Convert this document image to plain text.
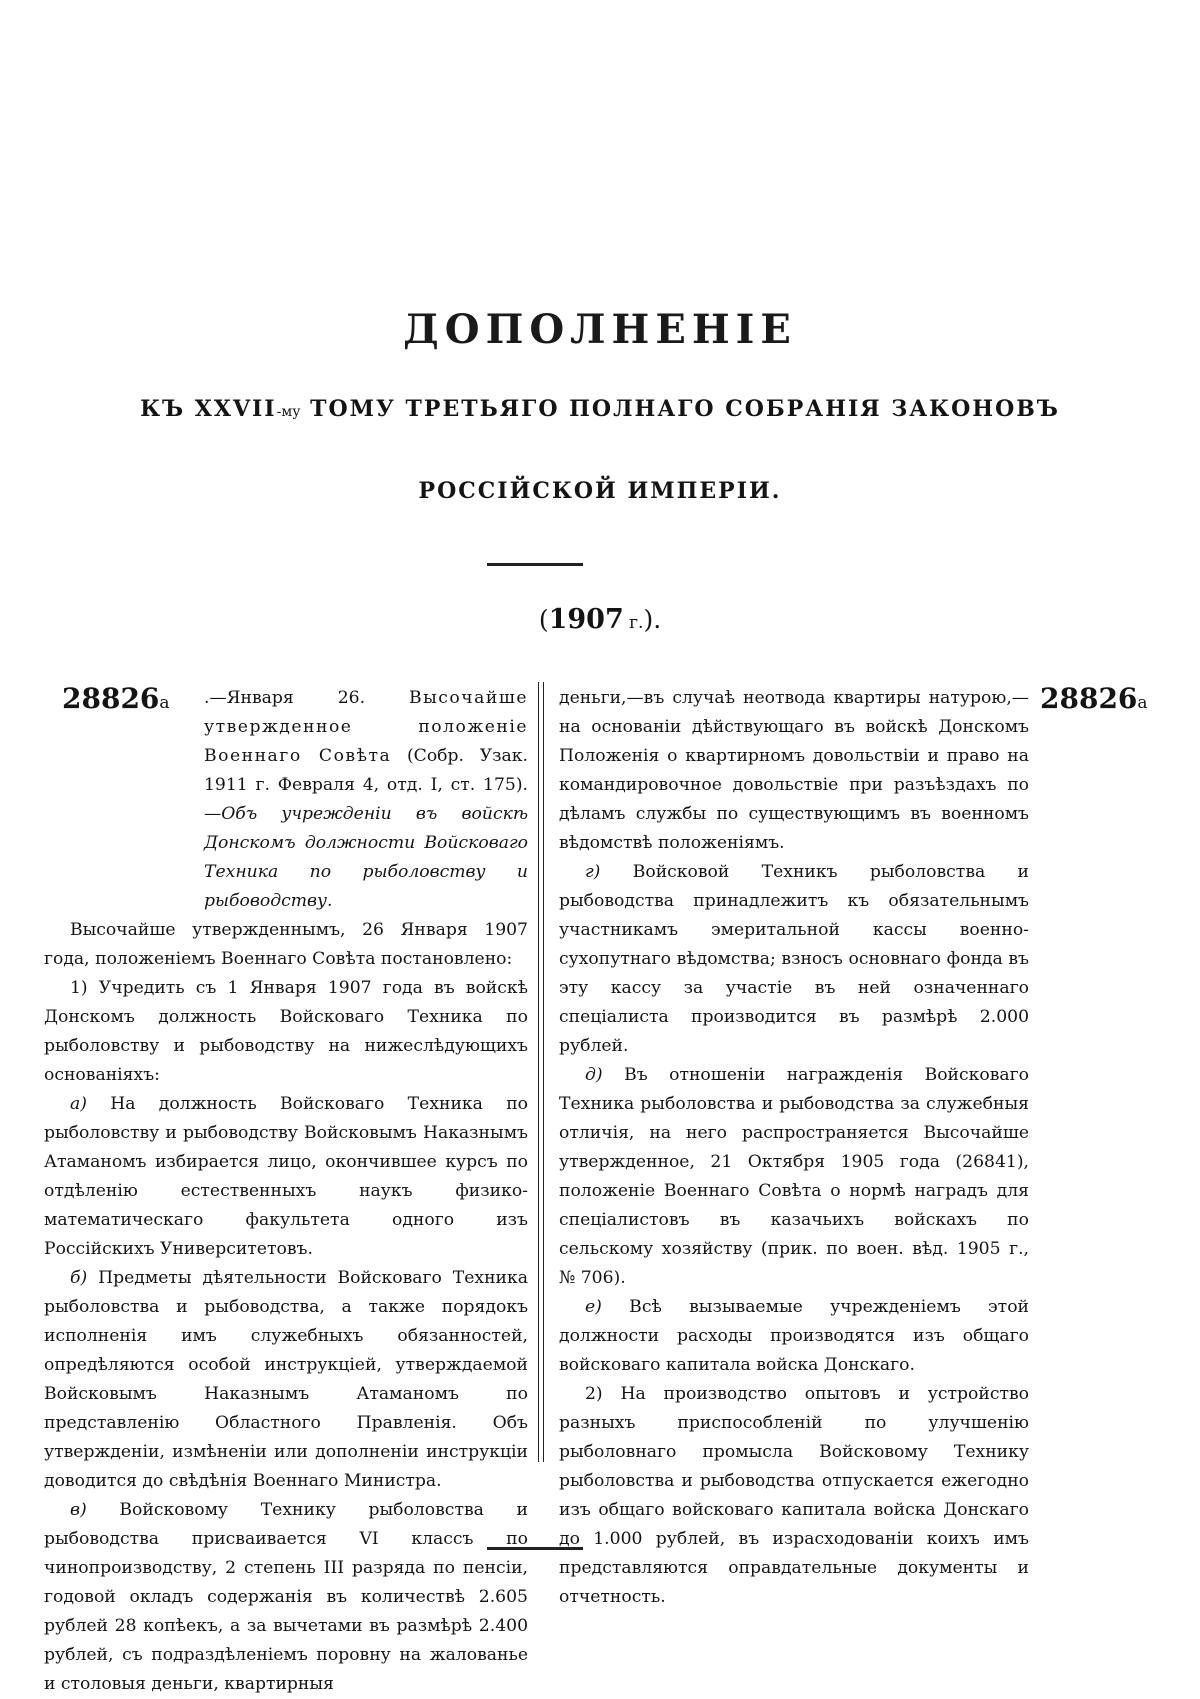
ДОПОЛНЕНІЕ
КЪ XXVII-му ТОМУ ТРЕТЬЯГО ПОЛНАГО СОБРАНІЯ ЗАКОНОВЪ
РОССІЙСКОЙ ИМПЕРІИ.
(1907 г.).
28826а	28826а

.—Января 26. Высочайше утвержденное положеніе Военнаго Совѣта (Собр. Узак. 1911 г. Февраля 4, отд. I, ст. 175).—Объ учрежденіи въ войскѣ Донскомъ должности Войсковаго Техника по рыболовству и рыбоводству.

Высочайше утвержденнымъ, 26 Января 1907 года, положеніемъ Военнаго Совѣта постановлено:

1) Учредить съ 1 Января 1907 года въ войскѣ Донскомъ должность Войсковаго Техника по рыболовству и рыбоводству на нижеслѣдующихъ основаніяхъ:

а) На должность Войсковаго Техника по рыболовству и рыбоводству Войсковымъ Наказнымъ Атаманомъ избирается лицо, окончившее курсъ по отдѣленію естественныхъ наукъ физико-математическаго факультета одного изъ Россійскихъ Университетовъ.

б) Предметы дѣятельности Войсковаго Техника рыболовства и рыбоводства, а также порядокъ исполненія имъ служебныхъ обязанностей, опредѣляются особой инструкціей, утверждаемой Войсковымъ Наказнымъ Атаманомъ по представленію Областного Правленія. Объ утвержденіи, измѣненіи или дополненіи инструкціи доводится до свѣдѣнія Военнаго Министра.

в) Войсковому Технику рыболовства и рыбоводства присваивается VI классъ по чинопроизводству, 2 степень III разряда по пенсіи, годовой окладъ содержанія въ количествѣ 2.605 рублей 28 копѣекъ, а за вычетами въ размѣрѣ 2.400 рублей, съ подраздѣленіемъ поровну на жалованье и столовыя деньги, квартирныя

деньги,—въ случаѣ неотвода квартиры натурою,—на основаніи дѣйствующаго въ войскѣ Донскомъ Положенія о квартирномъ довольствіи и право на командировочное довольствіе при разъѣздахъ по дѣламъ службы по существующимъ въ военномъ вѣдомствѣ положеніямъ.

г) Войсковой Техникъ рыболовства и рыбоводства принадлежитъ къ обязательнымъ участникамъ эмеритальной кассы военно-сухопутнаго вѣдомства; взносъ основнаго фонда въ эту кассу за участіе въ ней означеннаго спеціалиста производится въ размѣрѣ 2.000 рублей.

д) Въ отношеніи награжденія Войсковаго Техника рыболовства и рыбоводства за служебныя отличія, на него распространяется Высочайше утвержденное, 21 Октября 1905 года (26841), положеніе Военнаго Совѣта о нормѣ наградъ для спеціалистовъ въ казачьихъ войскахъ по сельскому хозяйству (прик. по воен. вѣд. 1905 г., № 706).

е) Всѣ вызываемые учрежденіемъ этой должности расходы производятся изъ общаго войсковаго капитала войска Донскаго.

2) На производство опытовъ и устройство разныхъ приспособленій по улучшенію рыболовнаго промысла Войсковому Технику рыболовства и рыбоводства отпускается ежегодно изъ общаго войсковаго капитала войска Донскаго до 1.000 рублей, въ израсходованіи коихъ имъ представляются оправдательные документы и отчетность.
